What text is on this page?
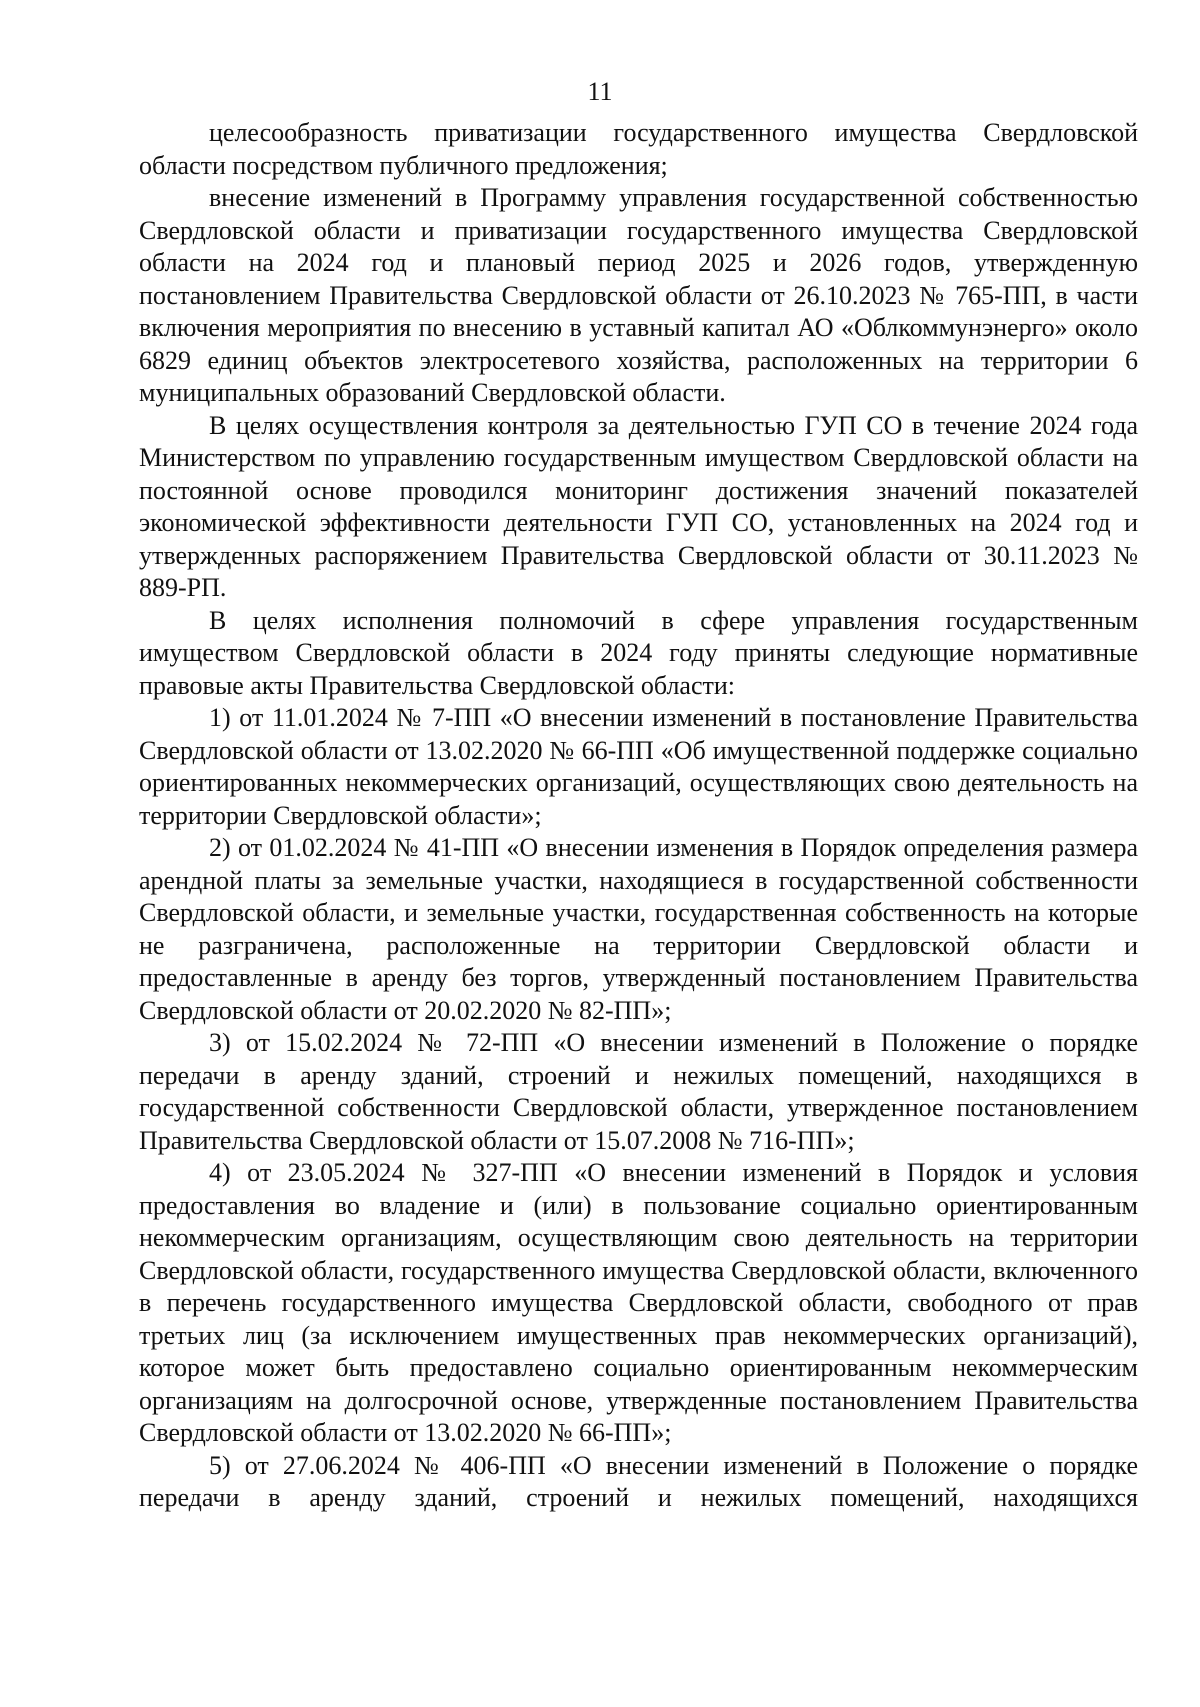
11

целесообразность приватизации государственного имущества Свердловской области посредством публичного предложения;

внесение изменений в Программу управления государственной собственностью Свердловской области и приватизации государственного имущества Свердловской области на 2024 год и плановый период 2025 и 2026 годов, утвержденную постановлением Правительства Свердловской области от 26.10.2023 № 765-ПП, в части включения мероприятия по внесению в уставный капитал АО «Облкоммунэнерго» около 6829 единиц объектов электросетевого хозяйства, расположенных на территории 6 муниципальных образований Свердловской области.

В целях осуществления контроля за деятельностью ГУП СО в течение 2024 года Министерством по управлению государственным имуществом Свердловской области на постоянной основе проводился мониторинг достижения значений показателей экономической эффективности деятельности ГУП СО, установленных на 2024 год и утвержденных распоряжением Правительства Свердловской области от 30.11.2023 № 889-РП.

В целях исполнения полномочий в сфере управления государственным имуществом Свердловской области в 2024 году приняты следующие нормативные правовые акты Правительства Свердловской области:

1) от 11.01.2024 № 7-ПП «О внесении изменений в постановление Правительства Свердловской области от 13.02.2020 № 66-ПП «Об имущественной поддержке социально ориентированных некоммерческих организаций, осуществляющих свою деятельность на территории Свердловской области»;

2) от 01.02.2024 № 41-ПП «О внесении изменения в Порядок определения размера арендной платы за земельные участки, находящиеся в государственной собственности Свердловской области, и земельные участки, государственная собственность на которые не разграничена, расположенные на территории Свердловской области и предоставленные в аренду без торгов, утвержденный постановлением Правительства Свердловской области от 20.02.2020 № 82-ПП»;

3) от 15.02.2024 № 72-ПП «О внесении изменений в Положение о порядке передачи в аренду зданий, строений и нежилых помещений, находящихся в государственной собственности Свердловской области, утвержденное постановлением Правительства Свердловской области от 15.07.2008 № 716-ПП»;

4) от 23.05.2024 № 327-ПП «О внесении изменений в Порядок и условия предоставления во владение и (или) в пользование социально ориентированным некоммерческим организациям, осуществляющим свою деятельность на территории Свердловской области, государственного имущества Свердловской области, включенного в перечень государственного имущества Свердловской области, свободного от прав третьих лиц (за исключением имущественных прав некоммерческих организаций), которое может быть предоставлено социально ориентированным некоммерческим организациям на долгосрочной основе, утвержденные постановлением Правительства Свердловской области от 13.02.2020 № 66-ПП»;

5) от 27.06.2024 № 406-ПП «О внесении изменений в Положение о порядке передачи в аренду зданий, строений и нежилых помещений, находящихся
